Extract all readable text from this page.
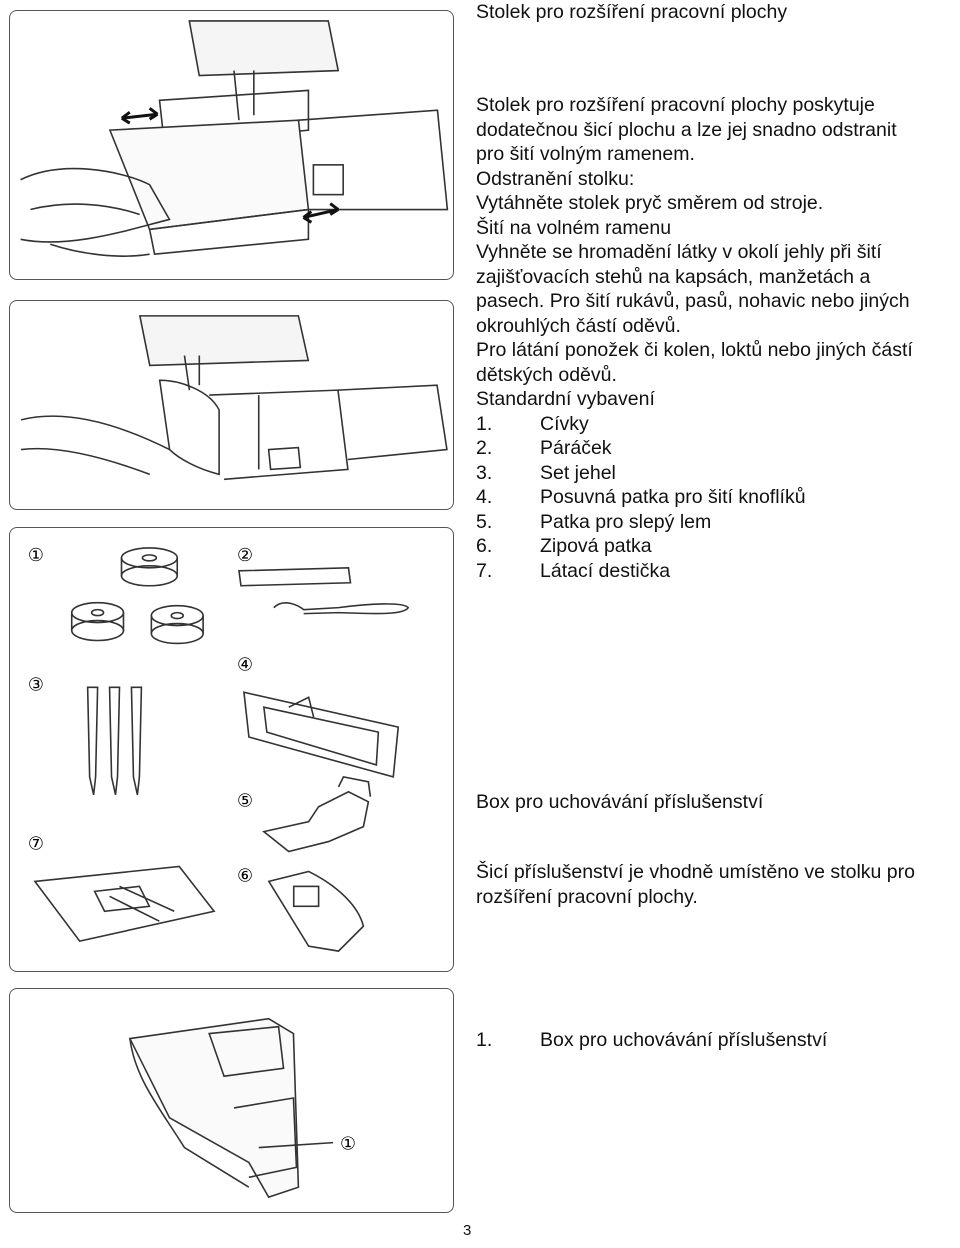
①	②
③
④
⑤
⑦
⑥
①
Stolek pro rozšíření pracovní plochy
Stolek pro rozšíření pracovní plochy poskytuje
dodatečnou šicí plochu a lze jej snadno odstranit
pro šití volným ramenem.
Odstranění stolku:
Vytáhněte stolek pryč směrem od stroje.
Šití na volném ramenu
Vyhněte se hromadění látky v okolí jehly při šití
zajišťovacích stehů na kapsách, manžetách a
pasech. Pro šití rukávů, pasů, nohavic nebo jiných
okrouhlých částí oděvů.
Pro látání ponožek či kolen, loktů nebo jiných částí
dětských oděvů.
Standardní vybavení
1.	Cívky
2.	Páráček
3.	Set jehel
4.	Posuvná patka pro šití knoflíků
5.	Patka pro slepý lem
6.	Zipová patka
7.	Látací destička
Box pro uchovávání příslušenství
Šicí příslušenství je vhodně umístěno ve stolku pro
rozšíření pracovní plochy.
1.	Box pro uchovávání příslušenství
3
